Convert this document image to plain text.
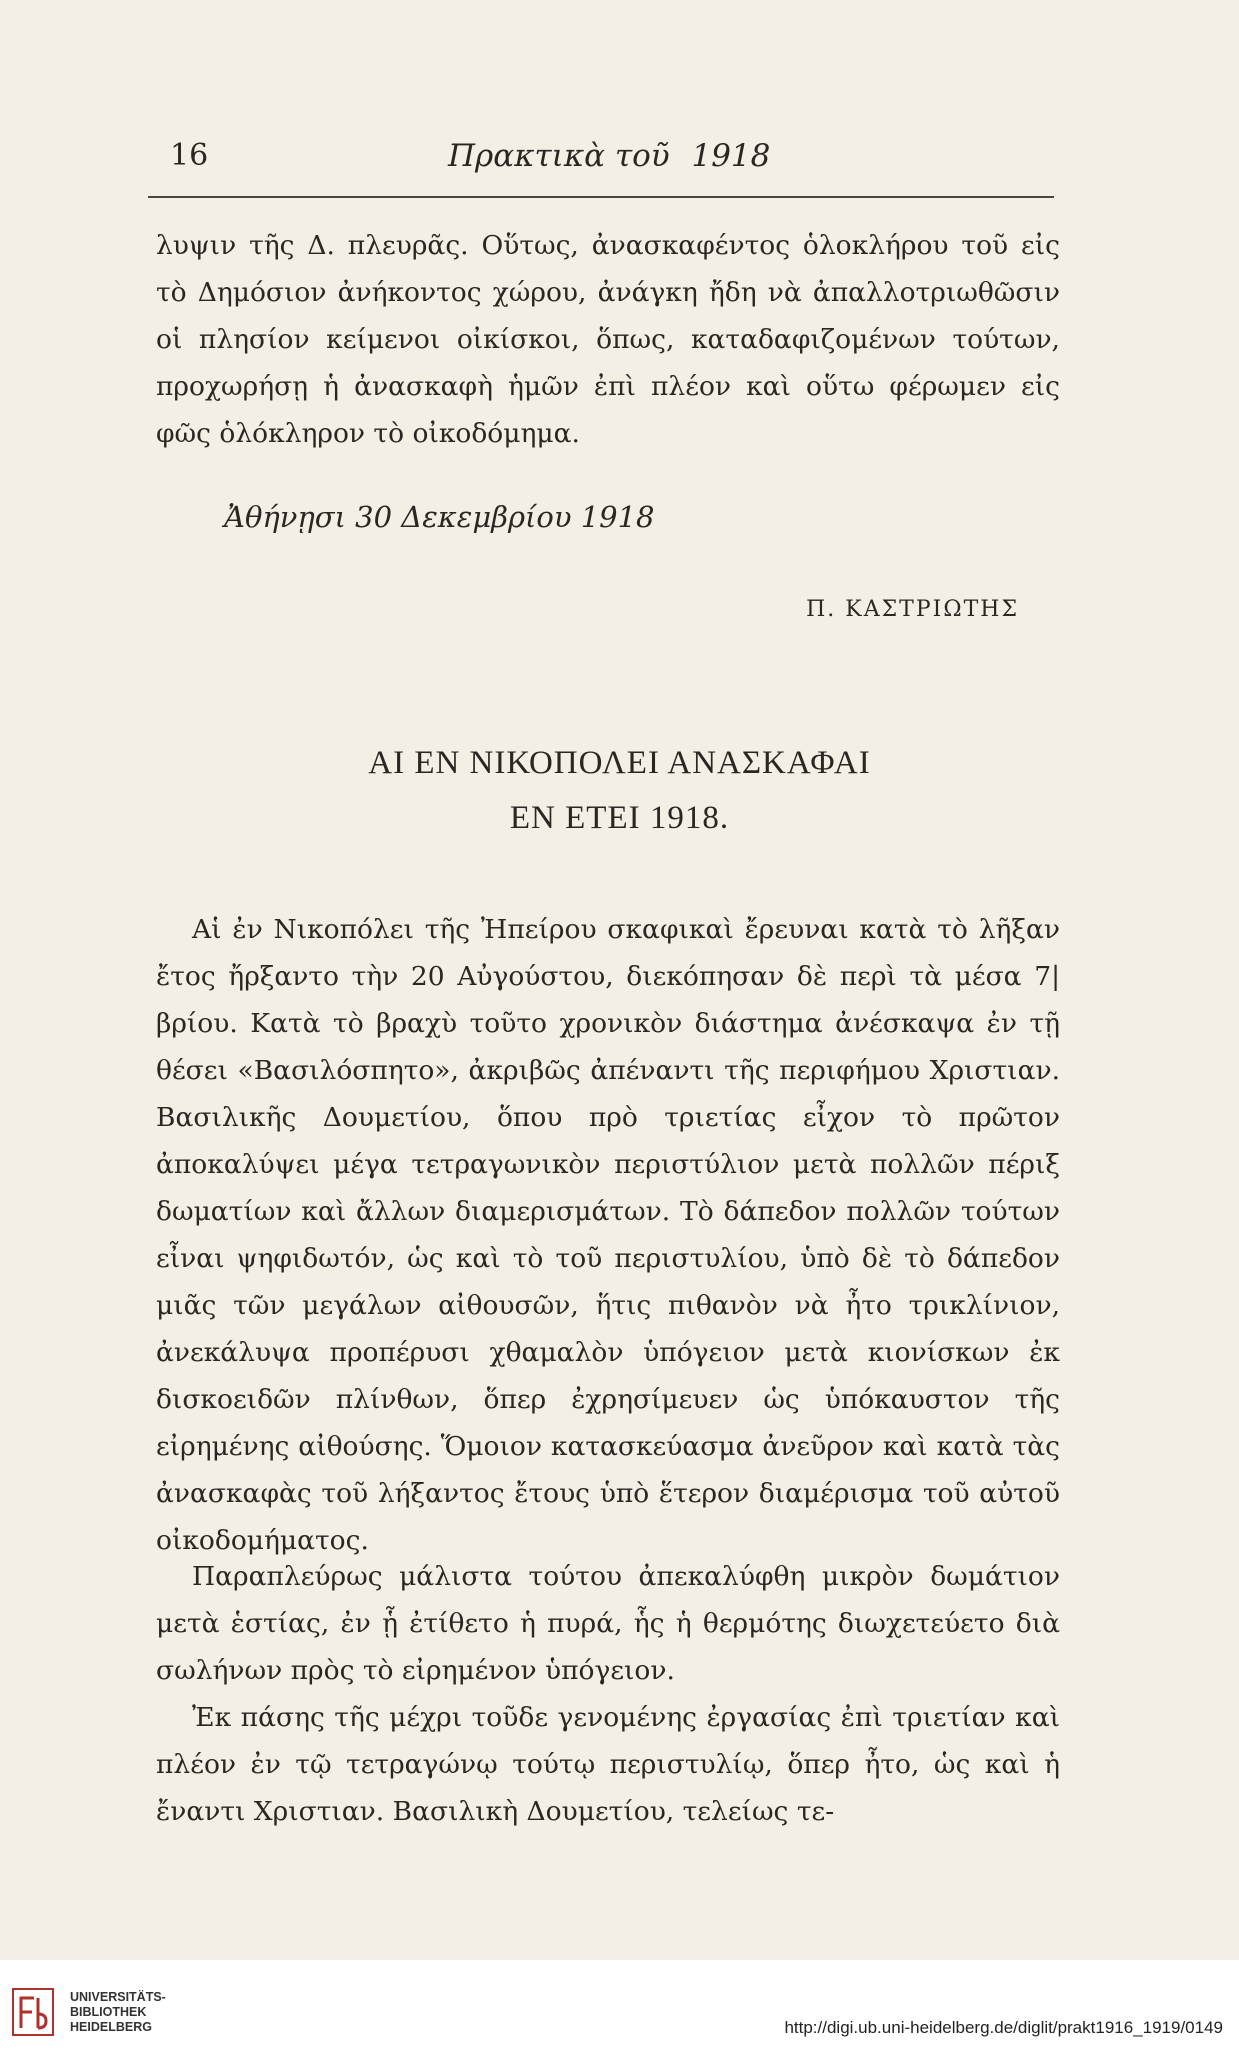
16	Πρακτικὰ τοῦ 1918

λυψιν τῆς Δ. πλευρᾶς. Οὕτως, ἀνασκαφέντος ὁλοκλήρου τοῦ εἰς τὸ Δημόσιον ἀνήκοντος χώρου, ἀνάγκη ἤδη νὰ ἀπαλλοτριωθῶσιν οἱ πλησίον κείμενοι οἰκίσκοι, ὅπως, καταδαφιζομένων τούτων, προχωρήσῃ ἡ ἀνασκαφὴ ἡμῶν ἐπὶ πλέον καὶ οὕτω φέρωμεν εἰς φῶς ὁλόκληρον τὸ οἰκοδόμημα.

Ἀθήνῃσι 30 Δεκεμβρίου 1918
Π. ΚΑΣΤΡΙΩΤΗΣ
ΑΙ ΕΝ ΝΙΚΟΠΟΛΕΙ ΑΝΑΣΚΑΦΑΙ
ΕΝ ΕΤΕΙ 1918.

Αἱ ἐν Νικοπόλει τῆς Ἠπείρου σκαφικαὶ ἔρευναι κατὰ τὸ λῆξαν ἔτος ἤρξαντο τὴν 20 Αὐγούστου, διεκόπησαν δὲ περὶ τὰ μέσα 7|βρίου. Κατὰ τὸ βραχὺ τοῦτο χρονικὸν διάστημα ἀνέσκαψα ἐν τῇ θέσει «Βασιλόσπητο», ἀκριβῶς ἀπέναντι τῆς περιφήμου Χριστιαν. Βασιλικῆς Δουμετίου, ὅπου πρὸ τριετίας εἶχον τὸ πρῶτον ἀποκαλύψει μέγα τετραγωνικὸν περιστύλιον μετὰ πολλῶν πέριξ δωματίων καὶ ἄλλων διαμερισμάτων. Τὸ δάπεδον πολλῶν τούτων εἶναι ψηφιδωτόν, ὡς καὶ τὸ τοῦ περιστυλίου, ὑπὸ δὲ τὸ δάπεδον μιᾶς τῶν μεγάλων αἰθουσῶν, ἥτις πιθανὸν νὰ ἦτο τρικλίνιον, ἀνεκάλυψα προπέρυσι χθαμαλὸν ὑπόγειον μετὰ κιονίσκων ἐκ δισκοειδῶν πλίνθων, ὅπερ ἐχρησίμευεν ὡς ὑπόκαυστον τῆς εἰρημένης αἰθούσης. Ὅμοιον κατασκεύασμα ἀνεῦρον καὶ κατὰ τὰς ἀνασκαφὰς τοῦ λήξαντος ἔτους ὑπὸ ἕτερον διαμέρισμα τοῦ αὐτοῦ οἰκοδομήματος.

Παραπλεύρως μάλιστα τούτου ἀπεκαλύφθη μικρὸν δωμάτιον μετὰ ἑστίας, ἐν ᾗ ἐτίθετο ἡ πυρά, ἧς ἡ θερμότης διωχετεύετο διὰ σωλήνων πρὸς τὸ εἰρημένον ὑπόγειον.

Ἐκ πάσης τῆς μέχρι τοῦδε γενομένης ἐργασίας ἐπὶ τριετίαν καὶ πλέον ἐν τῷ τετραγώνῳ τούτῳ περιστυλίῳ, ὅπερ ἦτο, ὡς καὶ ἡ ἔναντι Χριστιαν. Βασιλικὴ Δουμετίου, τελείως τε-

UNIVERSITÄTS-
BIBLIOTHEK
HEIDELBERG	http://digi.ub.uni-heidelberg.de/diglit/prakt1916_1919/0149
